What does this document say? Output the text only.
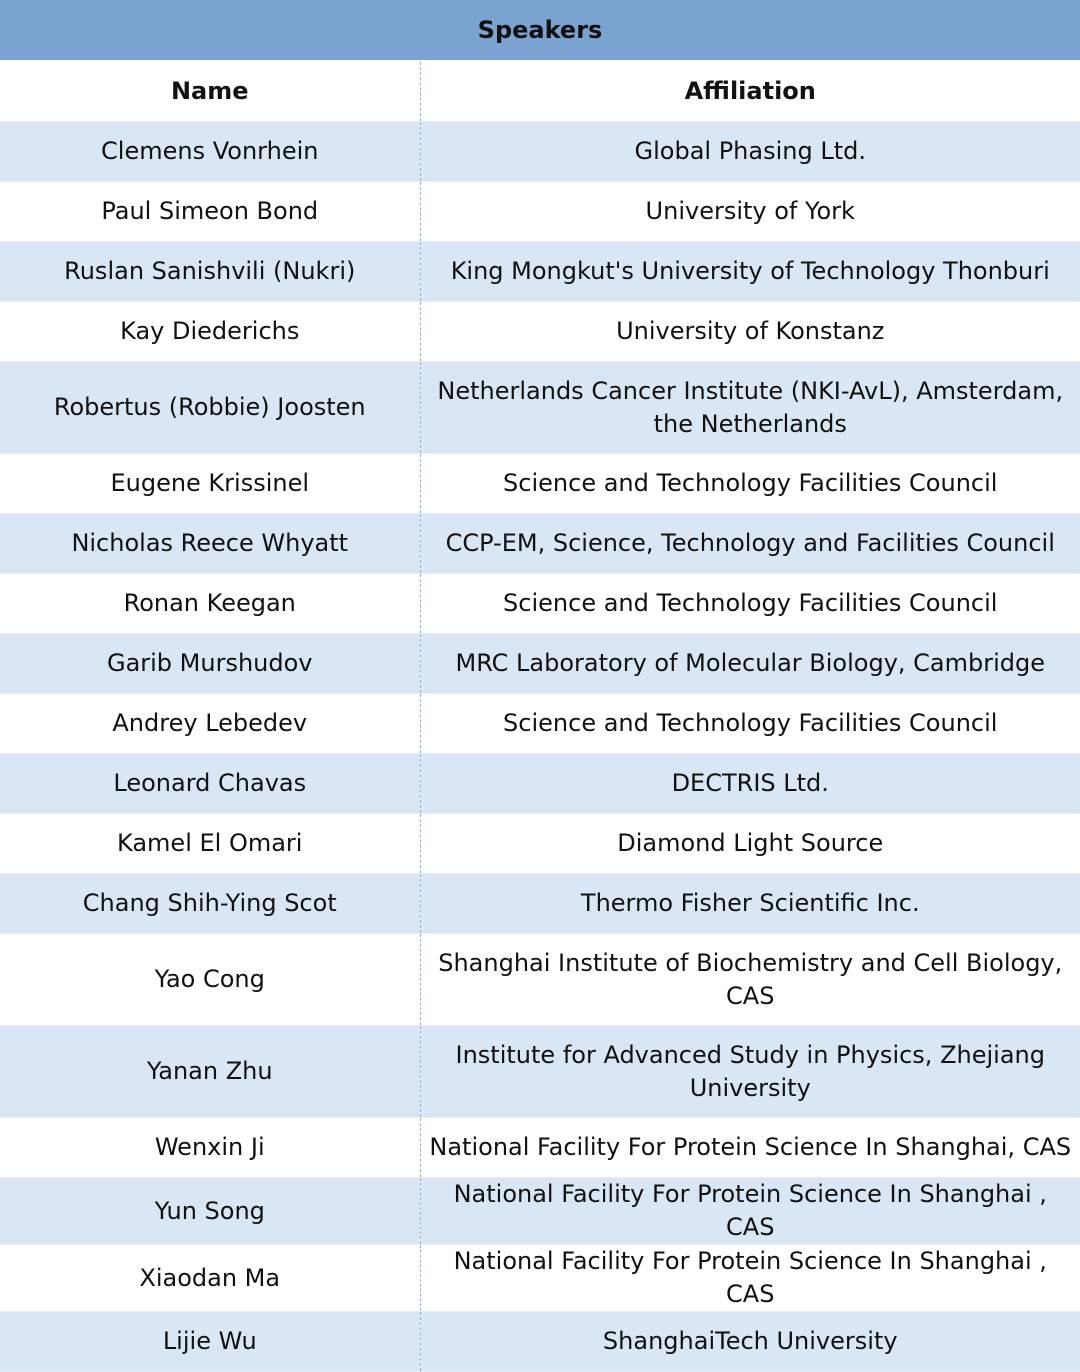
Speakers	
Name	Affiliation
Clemens Vonrhein	Global Phasing Ltd.
Paul Simeon Bond	University of York
Ruslan Sanishvili (Nukri)	King Mongkut's University of Technology Thonburi
Kay Diederichs	University of Konstanz
Robertus (Robbie) Joosten	Netherlands Cancer Institute (NKI-AvL), Amsterdam, the Netherlands
Eugene Krissinel	Science and Technology Facilities Council
Nicholas Reece Whyatt	CCP-EM, Science, Technology and Facilities Council
Ronan Keegan	Science and Technology Facilities Council
Garib Murshudov	MRC Laboratory of Molecular Biology, Cambridge
Andrey Lebedev	Science and Technology Facilities Council
Leonard Chavas	DECTRIS Ltd.
Kamel El Omari	Diamond Light Source
Chang Shih-Ying Scot	Thermo Fisher Scientific Inc.
Yao Cong	Shanghai Institute of Biochemistry and Cell Biology, CAS
Yanan Zhu	Institute for Advanced Study in Physics, Zhejiang University
Wenxin Ji	National Facility For Protein Science In Shanghai, CAS
Yun Song	National Facility For Protein Science In Shanghai , CAS
Xiaodan Ma	National Facility For Protein Science In Shanghai , CAS
Lijie Wu	ShanghaiTech University
